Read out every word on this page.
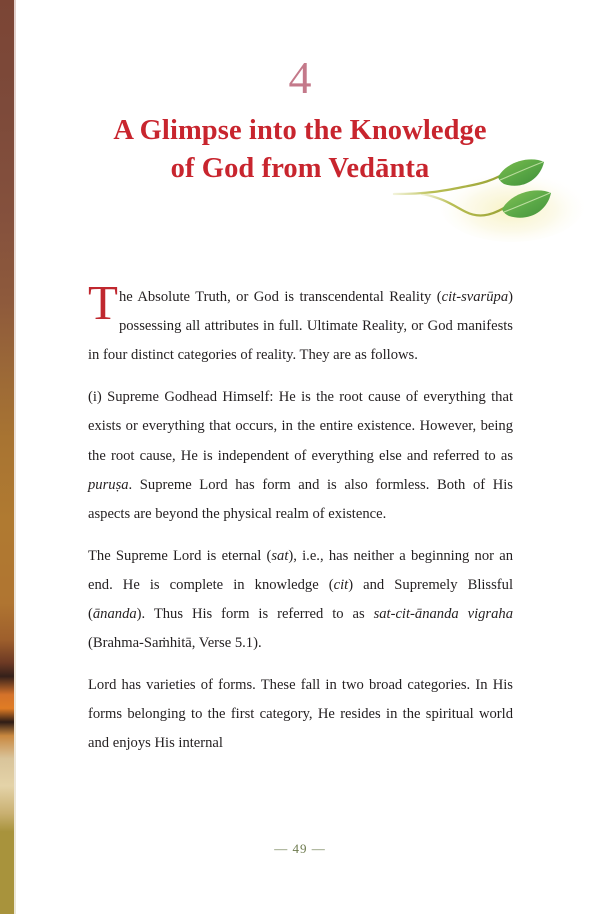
4
A Glimpse into the Knowledge
of God from Vedānta

The Absolute Truth, or God is transcendental Reality (cit-svarūpa) possessing all attributes in full. Ultimate Reality, or God manifests in four distinct categories of reality. They are as follows.

(i) Supreme Godhead Himself: He is the root cause of everything that exists or everything that occurs, in the entire existence. However, being the root cause, He is independent of everything else and referred to as puruṣa. Supreme Lord has form and is also formless. Both of His aspects are beyond the physical realm of existence.

The Supreme Lord is eternal (sat), i.e., has neither a beginning nor an end. He is complete in knowledge (cit) and Supremely Blissful (ānanda). Thus His form is referred to as sat-cit-ānanda vigraha (Brahma-Saṁhitā, Verse 5.1).

Lord has varieties of forms. These fall in two broad categories. In His forms belonging to the first category, He resides in the spiritual world and enjoys His internal

— 49 —
